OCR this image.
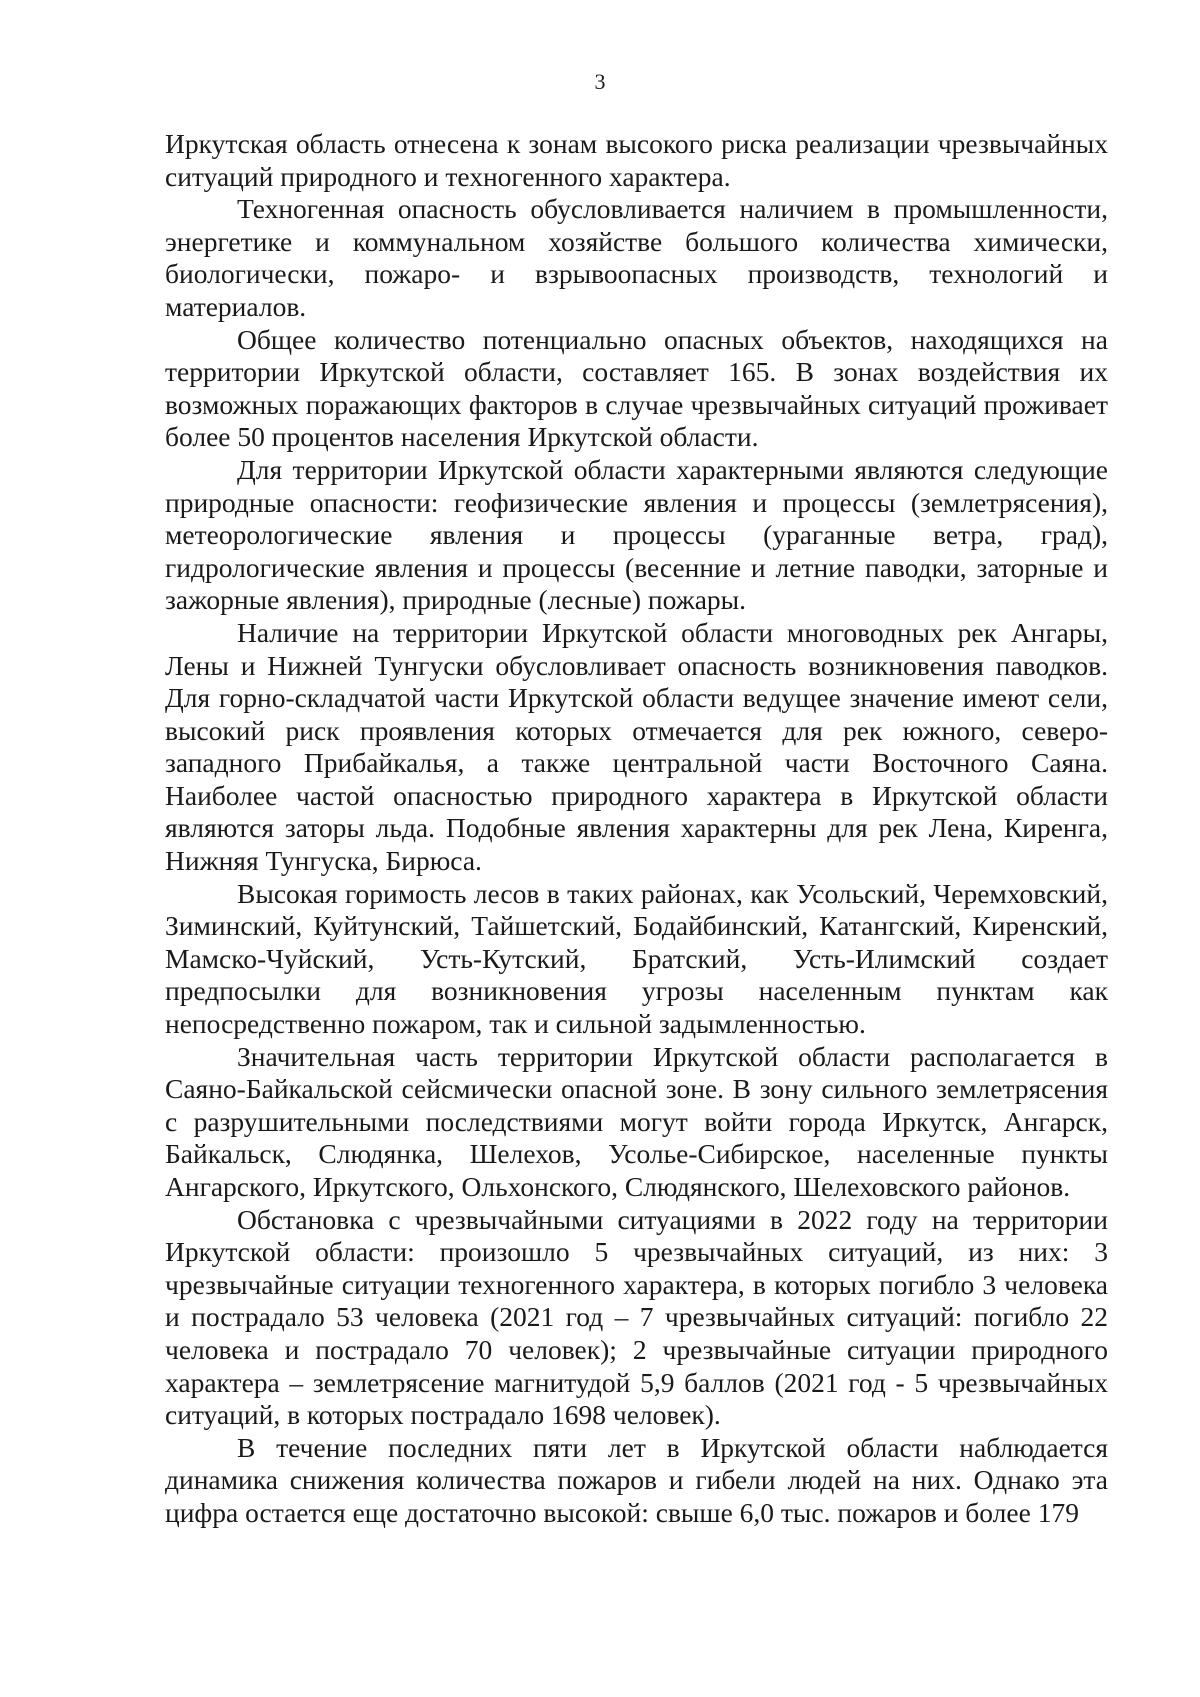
3

Иркутская область отнесена к зонам высокого риска реализации чрезвычайных ситуаций природного и техногенного характера.

Техногенная опасность обусловливается наличием в промышленности, энергетике и коммунальном хозяйстве большого количества химически, биологически, пожаро- и взрывоопасных производств, технологий и материалов.

Общее количество потенциально опасных объектов, находящихся на территории Иркутской области, составляет 165. В зонах воздействия их возможных поражающих факторов в случае чрезвычайных ситуаций проживает более 50 процентов населения Иркутской области.

Для территории Иркутской области характерными являются следующие природные опасности: геофизические явления и процессы (землетрясения), метеорологические явления и процессы (ураганные ветра, град), гидрологические явления и процессы (весенние и летние паводки, заторные и зажорные явления), природные (лесные) пожары.

Наличие на территории Иркутской области многоводных рек Ангары, Лены и Нижней Тунгуски обусловливает опасность возникновения паводков. Для горно-складчатой части Иркутской области ведущее значение имеют сели, высокий риск проявления которых отмечается для рек южного, северо-западного Прибайкалья, а также центральной части Восточного Саяна. Наиболее частой опасностью природного характера в Иркутской области являются заторы льда. Подобные явления характерны для рек Лена, Киренга, Нижняя Тунгуска, Бирюса.

Высокая горимость лесов в таких районах, как Усольский, Черемховский, Зиминский, Куйтунский, Тайшетский, Бодайбинский, Катангский, Киренский, Мамско-Чуйский, Усть-Кутский, Братский, Усть-Илимский создает предпосылки для возникновения угрозы населенным пунктам как непосредственно пожаром, так и сильной задымленностью.

Значительная часть территории Иркутской области располагается в Саяно-Байкальской сейсмически опасной зоне. В зону сильного землетрясения с разрушительными последствиями могут войти города Иркутск, Ангарск, Байкальск, Слюдянка, Шелехов, Усолье-Сибирское, населенные пункты Ангарского, Иркутского, Ольхонского, Слюдянского, Шелеховского районов.

Обстановка с чрезвычайными ситуациями в 2022 году на территории Иркутской области: произошло 5 чрезвычайных ситуаций, из них: 3 чрезвычайные ситуации техногенного характера, в которых погибло 3 человека и пострадало 53 человека (2021 год – 7 чрезвычайных ситуаций: погибло 22 человека и пострадало 70 человек); 2 чрезвычайные ситуации природного характера – землетрясение магнитудой 5,9 баллов (2021 год - 5 чрезвычайных ситуаций, в которых пострадало 1698 человек).

В течение последних пяти лет в Иркутской области наблюдается динамика снижения количества пожаров и гибели людей на них. Однако эта цифра остается еще достаточно высокой: свыше 6,0 тыс. пожаров и более 179
